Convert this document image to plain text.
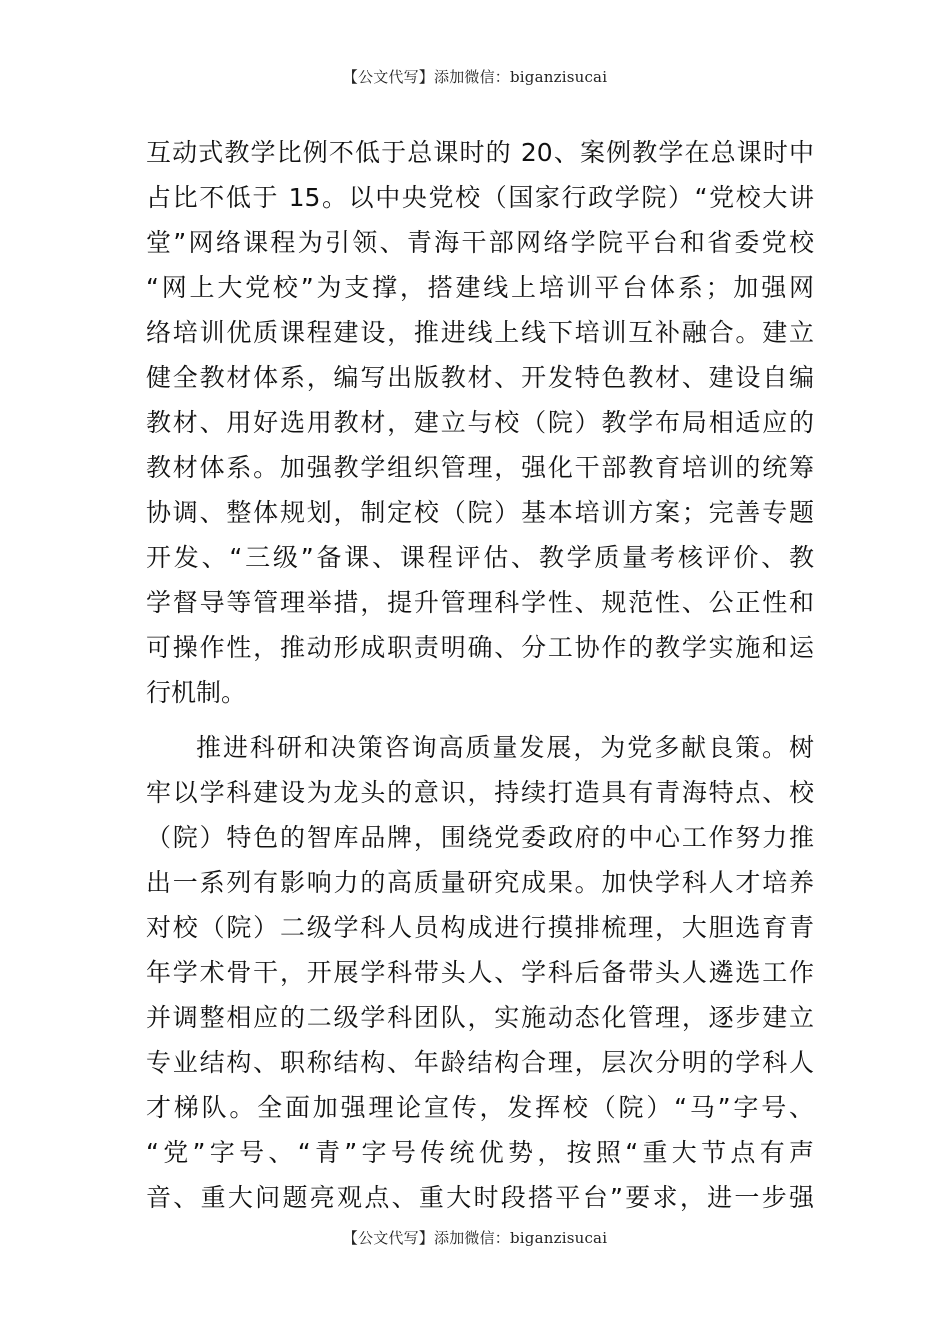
【公文代写】添加微信：biganzisucai
互动式教学比例不低于总课时的 20、案例教学在总课时中
占比不低于 15。以中央党校（国家行政学院）“党校大讲
堂”网络课程为引领、青海干部网络学院平台和省委党校
“网上大党校”为支撑，搭建线上培训平台体系；加强网
络培训优质课程建设，推进线上线下培训互补融合。建立
健全教材体系，编写出版教材、开发特色教材、建设自编
教材、用好选用教材，建立与校（院）教学布局相适应的
教材体系。加强教学组织管理，强化干部教育培训的统筹
协调、整体规划，制定校（院）基本培训方案；完善专题
开发、“三级”备课、课程评估、教学质量考核评价、教
学督导等管理举措，提升管理科学性、规范性、公正性和
可操作性，推动形成职责明确、分工协作的教学实施和运
行机制。
推进科研和决策咨询高质量发展，为党多献良策。树
牢以学科建设为龙头的意识，持续打造具有青海特点、校
（院）特色的智库品牌，围绕党委政府的中心工作努力推
出一系列有影响力的高质量研究成果。加快学科人才培养
对校（院）二级学科人员构成进行摸排梳理，大胆选育青
年学术骨干，开展学科带头人、学科后备带头人遴选工作
并调整相应的二级学科团队，实施动态化管理，逐步建立
专业结构、职称结构、年龄结构合理，层次分明的学科人
才梯队。全面加强理论宣传，发挥校（院）“马”字号、
“党”字号、“青”字号传统优势，按照“重大节点有声
音、重大问题亮观点、重大时段搭平台”要求，进一步强
【公文代写】添加微信：biganzisucai
